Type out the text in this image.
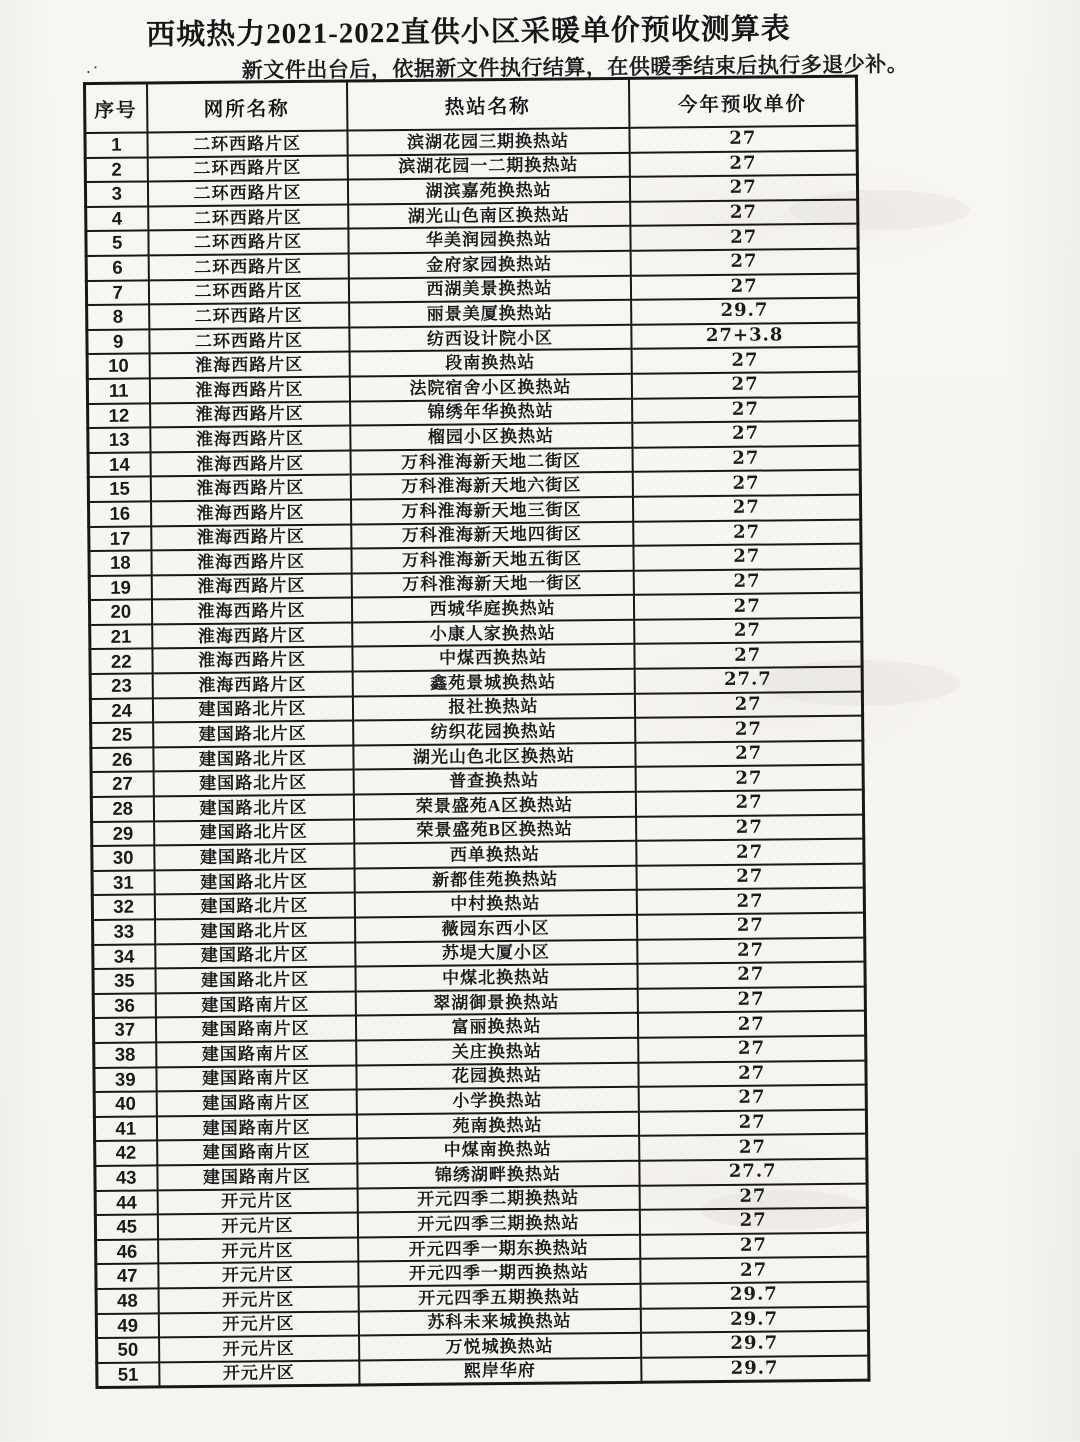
西城热力2021-2022直供小区采暖单价预收测算表
新文件出台后，依据新文件执行结算，在供暖季结束后执行多退少补。
.·
序号	网所名称	热站名称	今年预收单价
1	二环西路片区	滨湖花园三期换热站	27
2	二环西路片区	滨湖花园一二期换热站	27
3	二环西路片区	湖滨嘉苑换热站	27
4	二环西路片区	湖光山色南区换热站	27
5	二环西路片区	华美润园换热站	27
6	二环西路片区	金府家园换热站	27
7	二环西路片区	西湖美景换热站	27
8	二环西路片区	丽景美厦换热站	29.7
9	二环西路片区	纺西设计院小区	27+3.8
10	淮海西路片区	段南换热站	27
11	淮海西路片区	法院宿舍小区换热站	27
12	淮海西路片区	锦绣年华换热站	27
13	淮海西路片区	榴园小区换热站	27
14	淮海西路片区	万科淮海新天地二街区	27
15	淮海西路片区	万科淮海新天地六街区	27
16	淮海西路片区	万科淮海新天地三街区	27
17	淮海西路片区	万科淮海新天地四街区	27
18	淮海西路片区	万科淮海新天地五街区	27
19	淮海西路片区	万科淮海新天地一街区	27
20	淮海西路片区	西城华庭换热站	27
21	淮海西路片区	小康人家换热站	27
22	淮海西路片区	中煤西换热站	27
23	淮海西路片区	鑫苑景城换热站	27.7
24	建国路北片区	报社换热站	27
25	建国路北片区	纺织花园换热站	27
26	建国路北片区	湖光山色北区换热站	27
27	建国路北片区	普查换热站	27
28	建国路北片区	荣景盛苑A区换热站	27
29	建国路北片区	荣景盛苑B区换热站	27
30	建国路北片区	西单换热站	27
31	建国路北片区	新都佳苑换热站	27
32	建国路北片区	中村换热站	27
33	建国路北片区	薇园东西小区	27
34	建国路北片区	苏堤大厦小区	27
35	建国路北片区	中煤北换热站	27
36	建国路南片区	翠湖御景换热站	27
37	建国路南片区	富丽换热站	27
38	建国路南片区	关庄换热站	27
39	建国路南片区	花园换热站	27
40	建国路南片区	小学换热站	27
41	建国路南片区	苑南换热站	27
42	建国路南片区	中煤南换热站	27
43	建国路南片区	锦绣湖畔换热站	27.7
44	开元片区	开元四季二期换热站	27
45	开元片区	开元四季三期换热站	27
46	开元片区	开元四季一期东换热站	27
47	开元片区	开元四季一期西换热站	27
48	开元片区	开元四季五期换热站	29.7
49	开元片区	苏科未来城换热站	29.7
50	开元片区	万悦城换热站	29.7
51	开元片区	熙岸华府	29.7
